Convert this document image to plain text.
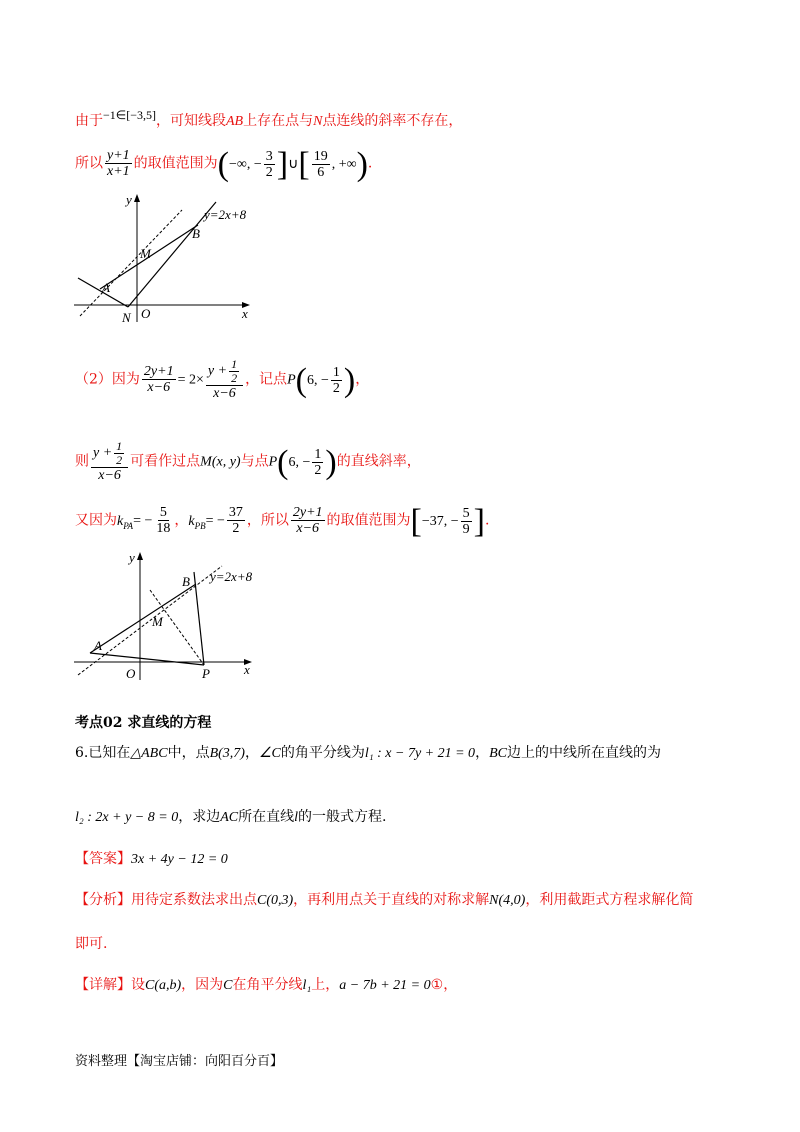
由于−1∈[−3,5]，可知线段AB上存在点与N点连线的斜率不存在，
所以 $\frac{y+1}{x+1}$ 的取值范围为(−∞, − $\frac{3}{2}$ ]∪[ $\frac{19}{6}$ , +∞).
y
x
O
N
A
M
B
y=2x+8
（2）因为 $\frac{2y+1}{x-6} = 2\times \frac{y + \frac{1}{2}}{x-6}$ ，记点P(6, − $\frac{1}{2}$ )，
则 $\frac{y + \frac{1}{2}}{x-6}$ 可看作过点M(x, y)与点P(6, − $\frac{1}{2}$ )的直线斜率，
又因为$k_{PA}= - \frac{5}{18}$ ，$k_{PB}= - \frac{37}{2}$ ，所以 $\frac{2y+1}{x-6}$ 的取值范围为[−37, − $\frac{5}{9}$ ].
y
x
O	P
A
M
B y=2x+8
考点02 求直线的方程
6.已知在△ABC中，点B(3,7)，∠C的角平分线为l₁ : x − 7y + 21 = 0，BC边上的中线所在直线的为
l₂ : 2x + y − 8 = 0，求边AC所在直线l的一般式方程.
【答案】3x + 4y − 12 = 0
【分析】用待定系数法求出点C(0,3)，再利用点关于直线的对称求解N(4,0)，利用截距式方程求解化简
即可.
【详解】设C(a,b)，因为C在角平分线l₁上，a − 7b + 21 = 0①，
资料整理【淘宝店铺：向阳百分百】
